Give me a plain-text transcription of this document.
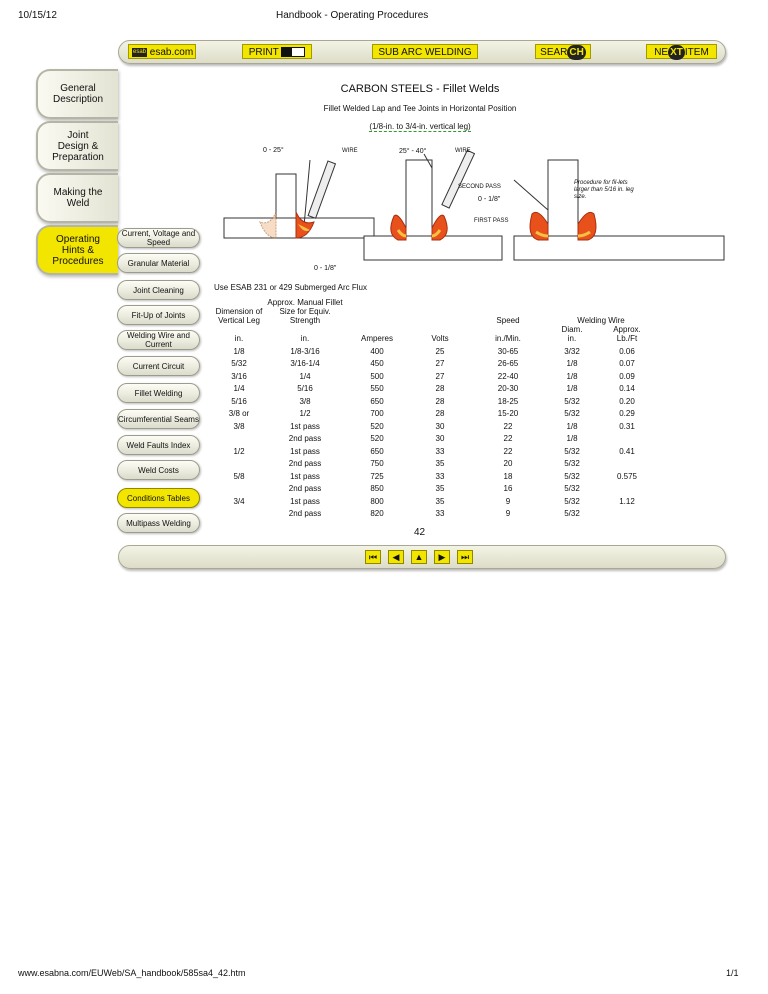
10/15/12	Handbook - Operating Procedures
esab esab.com	PRINT	SUB ARC WELDING	SEAR CH	NE XT ITEM
General
Description
Joint
Design &
Preparation
Making the
Weld
Operating
Hints &
Procedures
Current, Voltage and Speed
Granular Material
Joint Cleaning
Fit-Up of Joints
Welding Wire and Current
Current Circuit
Fillet Welding
Circumferential Seams
Weld Faults Index
Weld Costs
Conditions Tables
Multipass Welding
CARBON STEELS - Fillet Welds
Fillet Welded Lap and Tee Joints in Horizontal Position
(1/8-in. to 3/4-in. vertical leg)
0 - 25°	WIRE
0 - 1/8"
25° - 40°	WIRE
SECOND PASS
0 - 1/8"
FIRST PASS
Procedure for fil-lets larger than 5/16 in. leg size.
Use ESAB 231 or 429 Submerged Arc Flux
Dimension of Vertical Leg	Approx. Manual Fillet Size for Equiv. Strength			Speed	Welding Wire	
in.	in.	Amperes	Volts	in./Min.	Diam.
in.	Approx.
Lb./Ft
1/8	1/8-3/16	400	25	30-65	3/32	0.06
5/32	3/16-1/4	450	27	26-65	1/8	0.07
3/16	1/4	500	27	22-40	1/8	0.09
1/4	5/16	550	28	20-30	1/8	0.14
5/16	3/8	650	28	18-25	5/32	0.20
3/8 or	1/2	700	28	15-20	5/32	0.29
3/8	1st pass	520	30	22	1/8	0.31
	2nd pass	520	30	22	1/8	
1/2	1st pass	650	33	22	5/32	0.41
	2nd pass	750	35	20	5/32	
5/8	1st pass	725	33	18	5/32	0.575
	2nd pass	850	35	16	5/32	
3/4	1st pass	800	35	9	5/32	1.12
	2nd pass	820	33	9	5/32	
42
⏮	◀	▲	▶	⏭
www.esabna.com/EUWeb/SA_handbook/585sa4_42.htm	1/1
